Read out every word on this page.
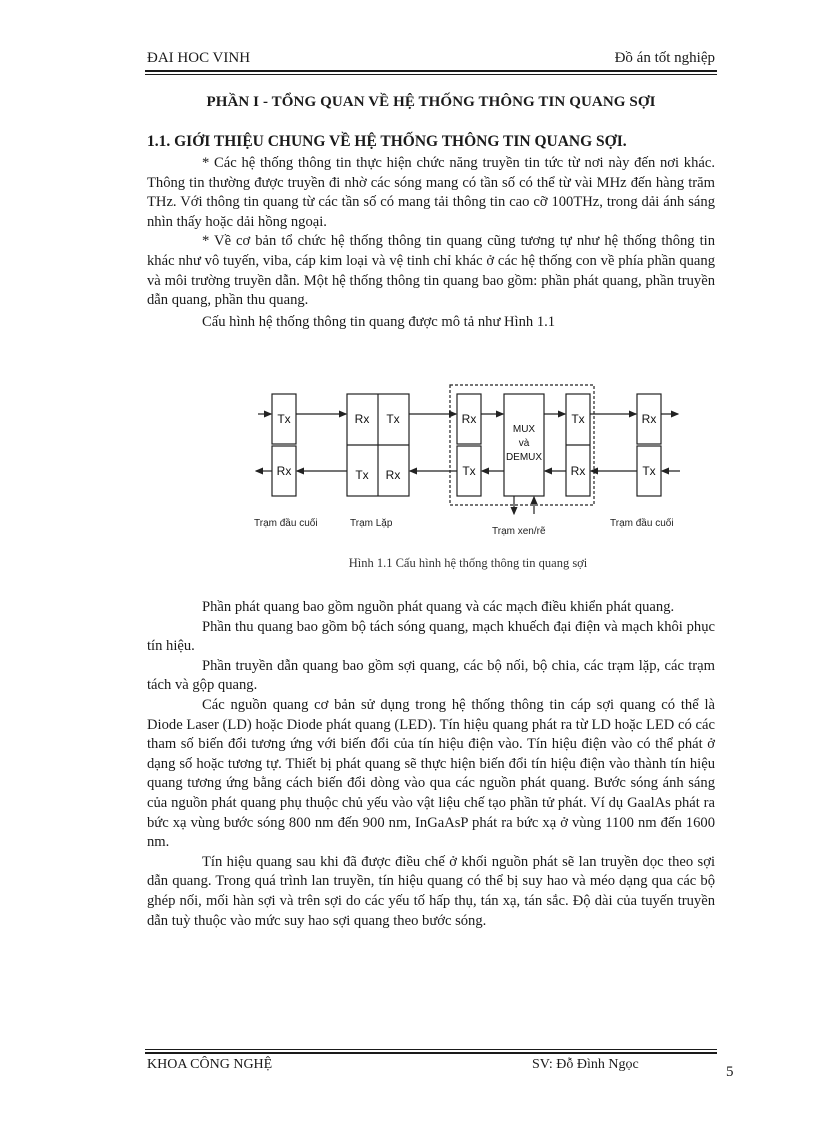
ĐAI HOC VINH	Đồ án tốt nghiệp
PHẦN I - TỔNG QUAN VỀ HỆ THỐNG THÔNG TIN QUANG SỢI
1.1. GIỚI THIỆU CHUNG VỀ HỆ THỐNG THÔNG TIN QUANG SỢI.

* Các hệ thống thông tin thực hiện chức năng truyền tin tức từ nơi này đến nơi khác. Thông tin thường được truyền đi nhờ các sóng mang có tần số có thể từ vài MHz đến hàng trăm THz. Với thông tin quang từ các tần số có mang tải thông tin cao cỡ 100THz, trong dải ánh sáng nhìn thấy hoặc dải hồng ngoại.

* Về cơ bản tổ chức hệ thống thông tin quang cũng tương tự như hệ thống thông tin khác như vô tuyến, viba, cáp kim loại và vệ tinh chỉ khác ở các hệ thống con về phía phần quang và môi trường truyền dẫn. Một hệ thống thông tin quang bao gồm: phần phát quang, phần truyền dẫn quang, phần thu quang.

Cấu hình hệ thống thông tin quang được mô tả như Hình 1.1

Tx
Rx
Rx Tx
Tx Rx
Rx
Tx
Tx
Rx
Rx
Tx
MUX
và
DEMUX
Trạm đầu cuối	Trạm Lặp
Trạm xen/rẽ
Trạm đầu cuối
Hình 1.1 Cấu hình hệ thống thông tin quang sợi

Phần phát quang bao gồm nguồn phát quang và các mạch điều khiển phát quang.

Phần thu quang bao gồm bộ tách sóng quang, mạch khuếch đại điện và mạch khôi phục tín hiệu.

Phần truyền dẫn quang bao gồm sợi quang, các bộ nối, bộ chia, các trạm lặp, các trạm tách và gộp quang.

Các nguồn quang cơ bản sử dụng trong hệ thống thông tin cáp sợi quang có thể là Diode Laser (LD) hoặc Diode phát quang (LED). Tín hiệu quang phát ra từ LD hoặc LED có các tham số biến đổi tương ứng với biến đổi của tín hiệu điện vào. Tín hiệu điện vào có thể phát ở dạng số hoặc tương tự. Thiết bị phát quang sẽ thực hiện biến đổi tín hiệu điện vào thành tín hiệu quang tương ứng bằng cách biến đổi dòng vào qua các nguồn phát quang. Bước sóng ánh sáng của nguồn phát quang phụ thuộc chủ yếu vào vật liệu chế tạo phần tử phát. Ví dụ GaalAs phát ra bức xạ vùng bước sóng 800 nm đến 900 nm, InGaAsP phát ra bức xạ ở vùng 1100 nm đến 1600 nm.

Tín hiệu quang sau khi đã được điều chế ở khối nguồn phát sẽ lan truyền dọc theo sợi dẫn quang. Trong quá trình lan truyền, tín hiệu quang có thể bị suy hao và méo dạng qua các bộ ghép nối, mối hàn sợi và trên sợi do các yếu tố hấp thụ, tán xạ, tán sắc. Độ dài của tuyến truyền dẫn tuỳ thuộc vào mức suy hao sợi quang theo bước sóng.

KHOA CÔNG NGHỆ	SV: Đỗ Đình Ngọc	5
